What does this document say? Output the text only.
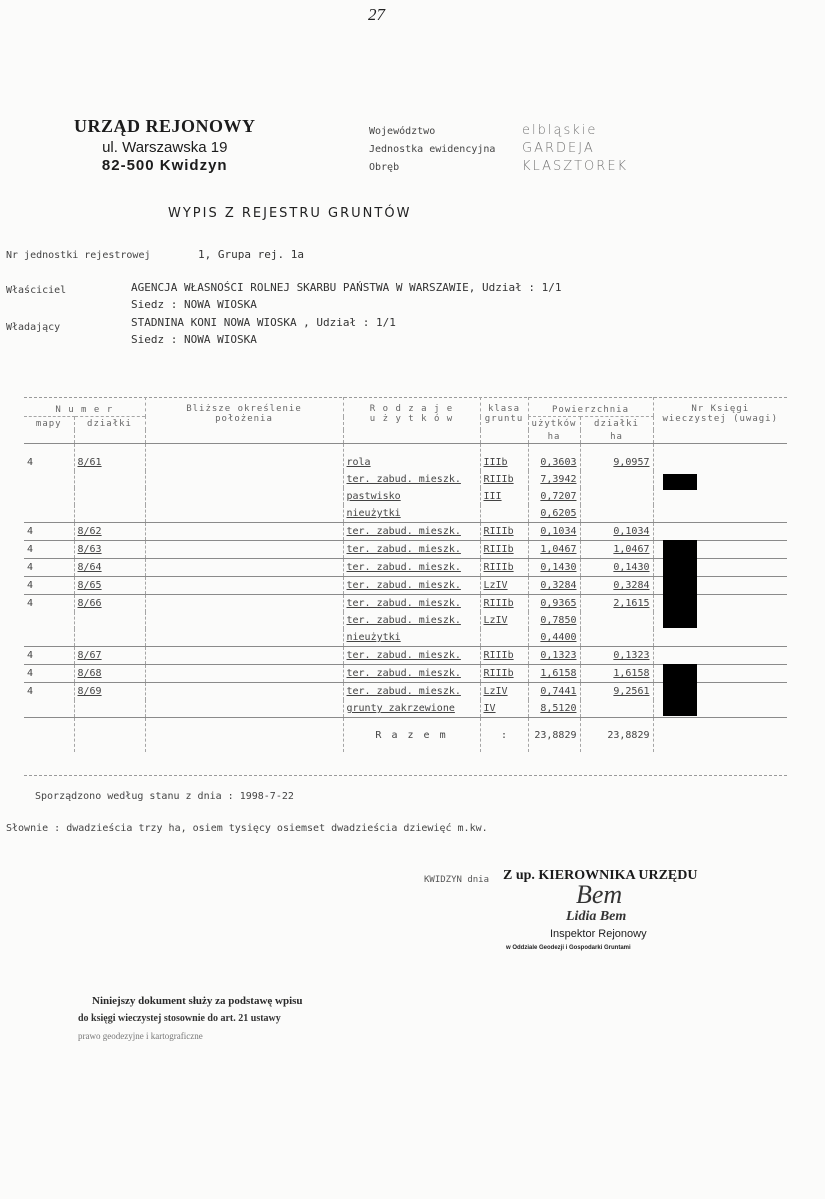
27
URZĄD REJONOWY
ul. Warszawska 19
82-500 Kwidzyn
Województwo	elbląskie
Jednostka ewidencyjna GARDEJA
Obręb	KLASZTOREK
WYPIS Z REJESTRU GRUNTÓW
Nr jednostki rejestrowej	1, Grupa rej. 1a
Właściciel	AGENCJA WŁASNOŚCI ROLNEJ SKARBU PAŃSTWA W WARSZAWIE, Udział : 1/1
Siedz : NOWA WIOSKA
Władający	STADNINA KONI NOWA WIOSKA , Udział : 1/1
Siedz : NOWA WIOSKA
N u m e r		Bliższe określenie
położenia	R o d z a j e
u ż y t k ó w	klasa
gruntu	Powierzchnia		Nr Księgi
wieczystej (uwagi)
mapy	działki				użytków	działki	
					ha	ha	
4	8/61		rola	IIIb	0,3603	9,0957	
			ter. zabud. mieszk.	RIIIb	7,3942		
			pastwisko	III	0,7207		
			nieużytki		0,6205		
4	8/62		ter. zabud. mieszk.	RIIIb	0,1034	0,1034	
4	8/63		ter. zabud. mieszk.	RIIIb	1,0467	1,0467	
4	8/64		ter. zabud. mieszk.	RIIIb	0,1430	0,1430	
4	8/65		ter. zabud. mieszk.	LzIV	0,3284	0,3284	
4	8/66		ter. zabud. mieszk.	RIIIb	0,9365	2,1615	
			ter. zabud. mieszk.	LzIV	0,7850		
			nieużytki		0,4400		
4	8/67		ter. zabud. mieszk.	RIIIb	0,1323	0,1323	
4	8/68		ter. zabud. mieszk.	RIIIb	1,6158	1,6158	
4	8/69		ter. zabud. mieszk.	LzIV	0,7441	9,2561	
			grunty zakrzewione	IV	8,5120		
			R a z e m	:	23,8829	23,8829	
Sporządzono według stanu z dnia : 1998-7-22
Słownie : dwadzieścia trzy ha, osiem tysięcy osiemset dwadzieścia dziewięć m.kw.
KWIDZYN dnia Z up. KIEROWNIKA URZĘDU
Bem
Lidia Bem
Inspektor Rejonowy
w Oddziale Geodezji i Gospodarki Gruntami
Niniejszy dokument służy za podstawę wpisu
do księgi wieczystej stosownie do art. 21 ustawy
prawo geodezyjne i kartograficzne
